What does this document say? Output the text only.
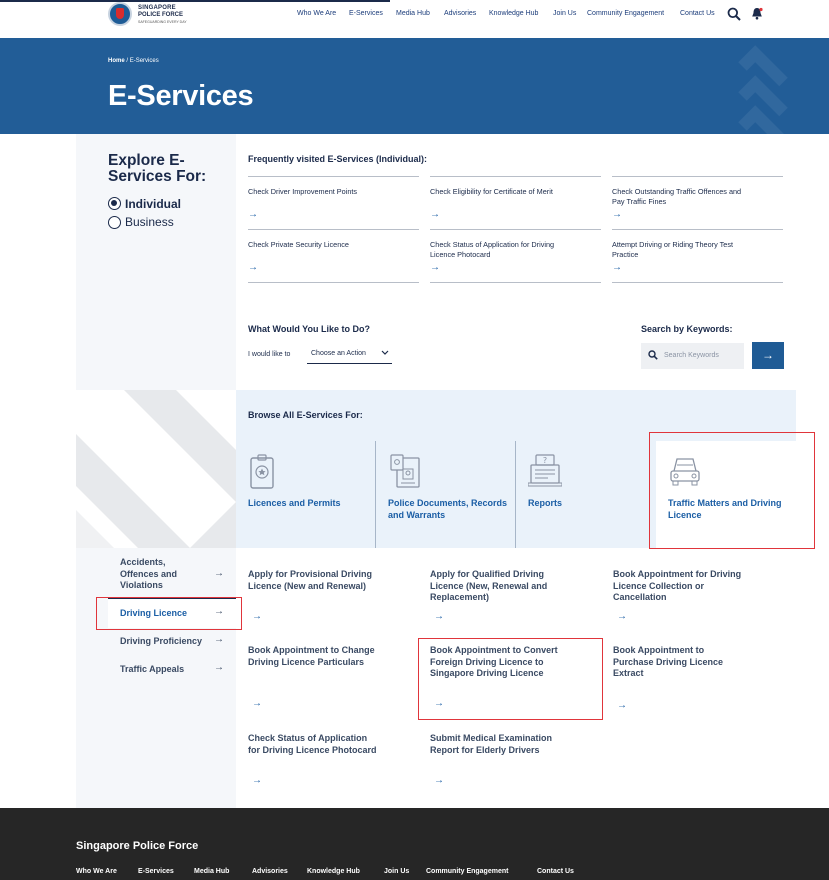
SINGAPORE
POLICE FORCE
SAFEGUARDING EVERY DAY
Who We Are E-Services Media Hub Advisories Knowledge Hub Join Us Community Engagement Contact Us
Home / E-Services
E-Services
Explore E-Services For:
Individual
Business
Frequently visited E-Services (Individual):
Check Driver Improvement Points
→
Check Eligibility for Certificate of Merit
→
Check Outstanding Traffic Offences and Pay Traffic Fines
→
Check Private Security Licence
→
Check Status of Application for Driving Licence Photocard
→
Attempt Driving or Riding Theory Test Practice
→
What Would You Like to Do?
I would like to	Choose an Action
Search by Keywords:
Search Keywords	→
Browse All E-Services For:
Licences and Permits	Police Documents, Records and Warrants
?
Reports	Traffic Matters and Driving Licence
Accidents, Offences and Violations
→
Driving Licence	→
Driving Proficiency	→
Traffic Appeals	→
Apply for Provisional Driving Licence (New and Renewal)
→
Apply for Qualified Driving Licence (New, Renewal and Replacement)
→
Book Appointment for Driving Licence Collection or Cancellation
→
Book Appointment to Change Driving Licence Particulars
→
Book Appointment to Convert Foreign Driving Licence to Singapore Driving Licence
→
Book Appointment to Purchase Driving Licence Extract
→
Check Status of Application for Driving Licence Photocard
→
Submit Medical Examination Report for Elderly Drivers
→
Singapore Police Force
Who We Are	E-Services	Media Hub	Advisories	Knowledge Hub	Join Us Community Engagement	Contact Us
